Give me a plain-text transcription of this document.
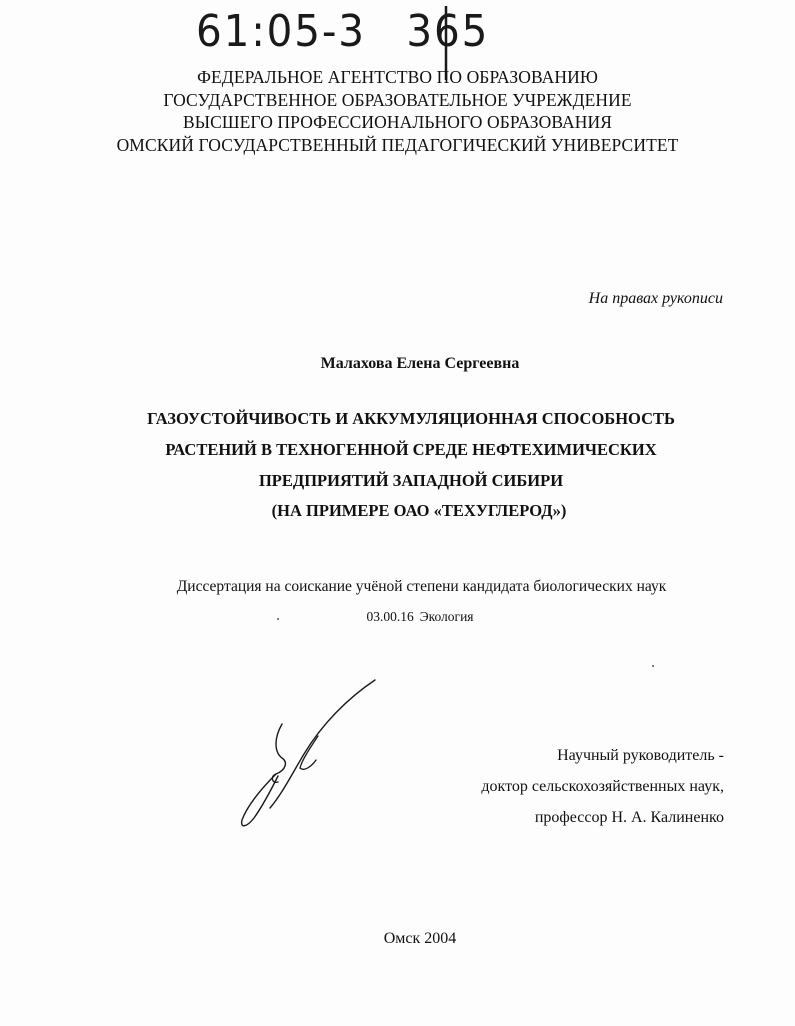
61:05-3 365
ФЕДЕРАЛЬНОЕ АГЕНТСТВО ПО ОБРАЗОВАНИЮ
ГОСУДАРСТВЕННОЕ ОБРАЗОВАТЕЛЬНОЕ УЧРЕЖДЕНИЕ
ВЫСШЕГО ПРОФЕССИОНАЛЬНОГО ОБРАЗОВАНИЯ
ОМСКИЙ ГОСУДАРСТВЕННЫЙ ПЕДАГОГИЧЕСКИЙ УНИВЕРСИТЕТ
На правах рукописи
Малахова Елена Сергеевна
ГАЗОУСТОЙЧИВОСТЬ И АККУМУЛЯЦИОННАЯ СПОСОБНОСТЬ
РАСТЕНИЙ В ТЕХНОГЕННОЙ СРЕДЕ НЕФТЕХИМИЧЕСКИХ
ПРЕДПРИЯТИЙ ЗАПАДНОЙ СИБИРИ
(НА ПРИМЕРЕ ОАО «ТЕХУГЛЕРОД»)
Диссертация на соискание учёной степени кандидата биологических наук
03.00.16 Экология
Научный руководитель -
доктор сельскохозяйственных наук,
профессор Н. А. Калиненко
Омск 2004
